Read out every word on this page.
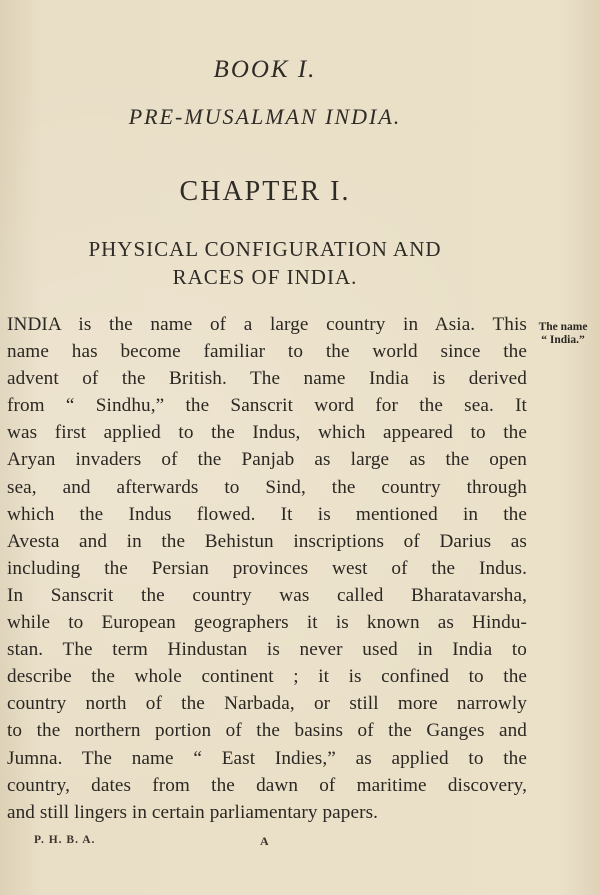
BOOK I.
PRE-MUSALMAN INDIA.
CHAPTER I.
PHYSICAL CONFIGURATION AND
RACES OF INDIA.
INDIA is the name of a large country in Asia. This
name has become familiar to the world since the
advent of the British. The name India is derived
from “ Sindhu,” the Sanscrit word for the sea. It
was first applied to the Indus, which appeared to the
Aryan invaders of the Panjab as large as the open
sea, and afterwards to Sind, the country through
which the Indus flowed. It is mentioned in the
Avesta and in the Behistun inscriptions of Darius as
including the Persian provinces west of the Indus.
In Sanscrit the country was called Bharatavarsha,
while to European geographers it is known as Hindu-
stan. The term Hindustan is never used in India to
describe the whole continent ; it is confined to the
country north of the Narbada, or still more narrowly
to the northern portion of the basins of the Ganges and
Jumna. The name “ East Indies,” as applied to the
country, dates from the dawn of maritime discovery,
and still lingers in certain parliamentary papers.
The name
“ India.”
P. H. B. A.	A
